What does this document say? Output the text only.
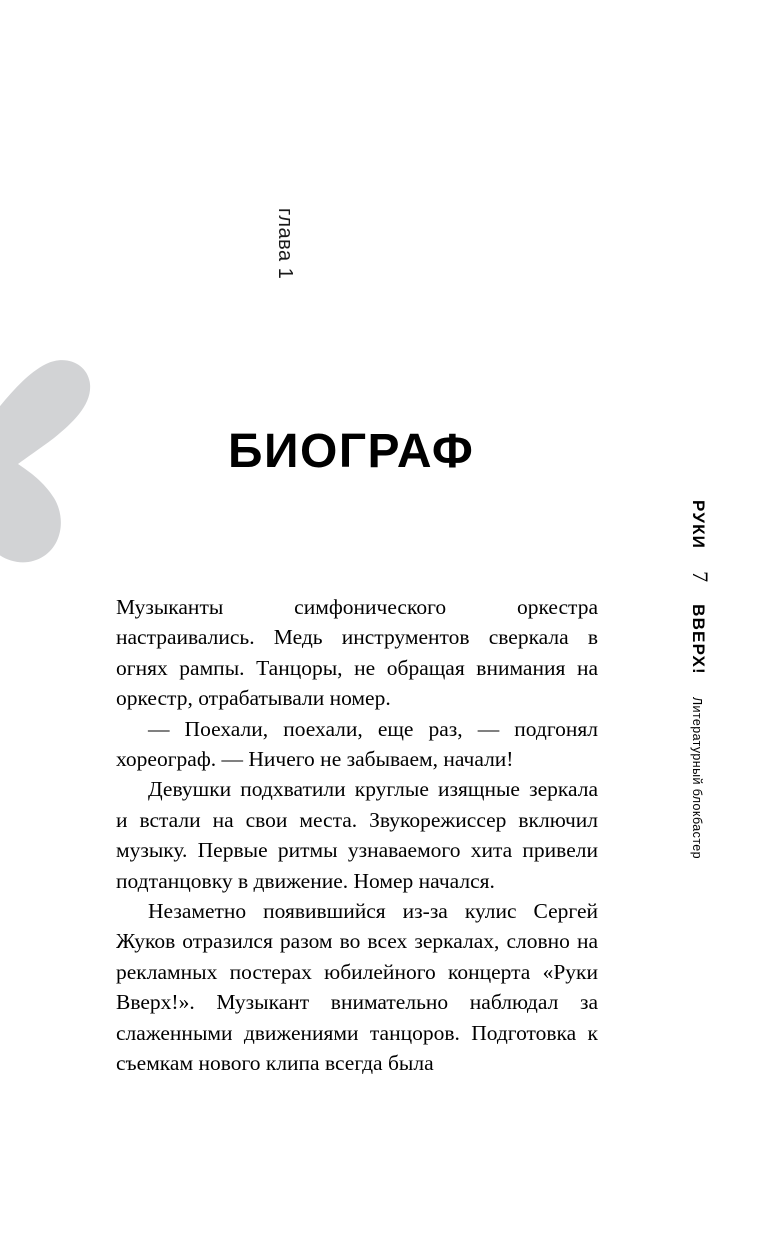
глава 1
БИОГРАФ

Музыканты симфонического оркестра настраивались. Медь инструментов сверкала в огнях рампы. Танцоры, не обращая внимания на оркестр, отрабатывали номер.

— Поехали, поехали, еще раз, — подгонял хореограф. — Ничего не забываем, начали!

Девушки подхватили круглые изящные зеркала и встали на свои места. Звукорежиссер включил музыку. Первые ритмы узнаваемого хита привели подтанцовку в движение. Номер начался.

Незаметно появившийся из-за кулис Сергей Жуков отразился разом во всех зеркалах, словно на рекламных постерах юбилейного концерта «Руки Вверх!». Музыкант внимательно наблюдал за слаженными движениями танцоров. Подготовка к съемкам нового клипа всегда была

РУКИ
7
ВВЕРХ!
Литературный блокбастер
